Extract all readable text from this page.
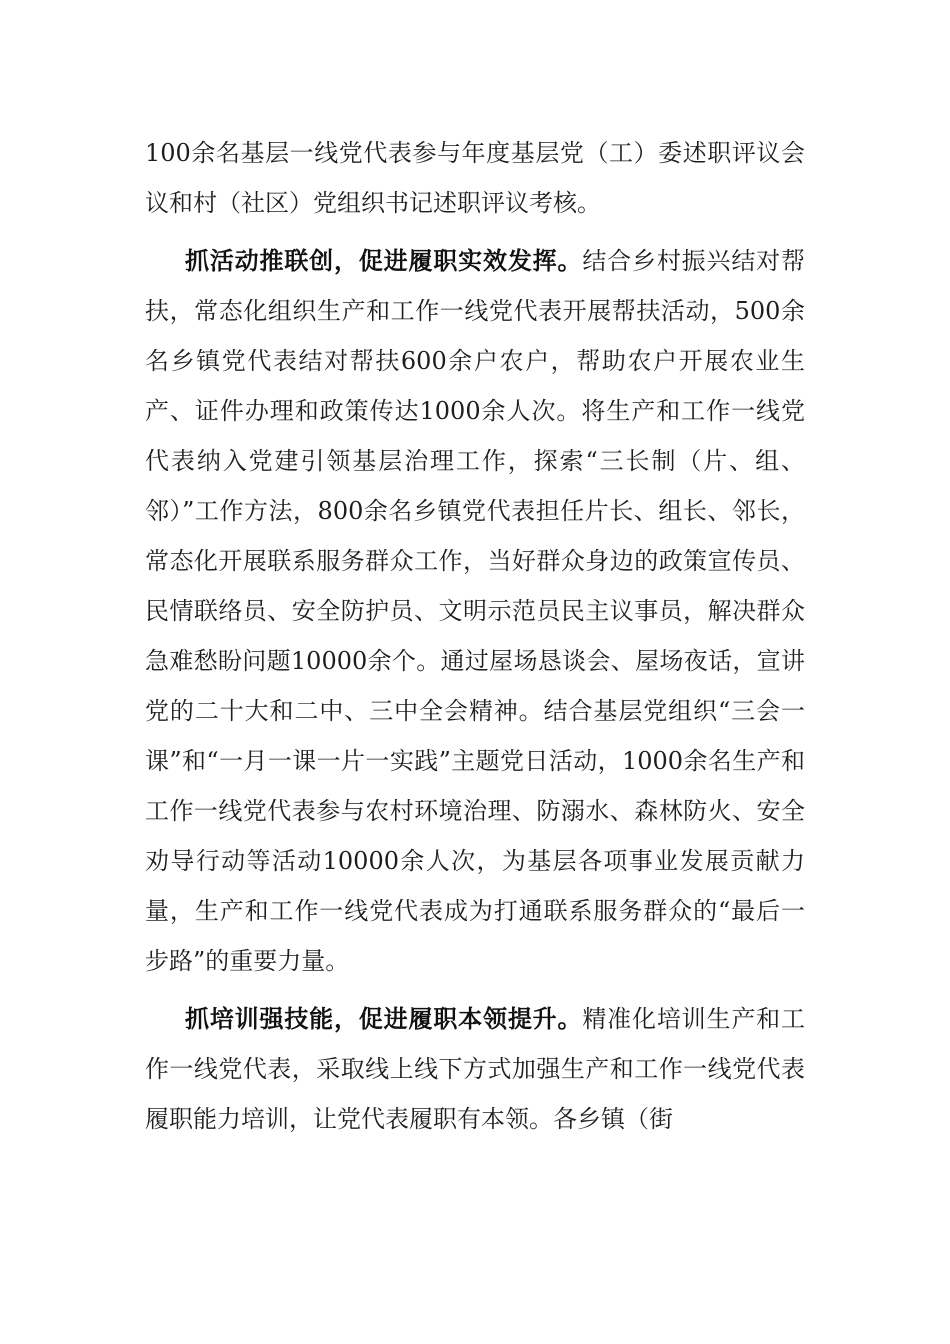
100余名基层一线党代表参与年度基层党（工）委述职评议会议和村（社区）党组织书记述职评议考核。

抓活动推联创，促进履职实效发挥。结合乡村振兴结对帮扶，常态化组织生产和工作一线党代表开展帮扶活动，500余名乡镇党代表结对帮扶600余户农户，帮助农户开展农业生产、证件办理和政策传达1000余人次。将生产和工作一线党代表纳入党建引领基层治理工作，探索“三长制（片、组、邻）”工作方法，800余名乡镇党代表担任片长、组长、邻长，常态化开展联系服务群众工作，当好群众身边的政策宣传员、民情联络员、安全防护员、文明示范员民主议事员，解决群众急难愁盼问题10000余个。通过屋场恳谈会、屋场夜话，宣讲党的二十大和二中、三中全会精神。结合基层党组织“三会一课”和“一月一课一片一实践”主题党日活动，1000余名生产和工作一线党代表参与农村环境治理、防溺水、森林防火、安全劝导行动等活动10000余人次，为基层各项事业发展贡献力量，生产和工作一线党代表成为打通联系服务群众的“最后一步路”的重要力量。

抓培训强技能，促进履职本领提升。精准化培训生产和工作一线党代表，采取线上线下方式加强生产和工作一线党代表履职能力培训，让党代表履职有本领。各乡镇（街
